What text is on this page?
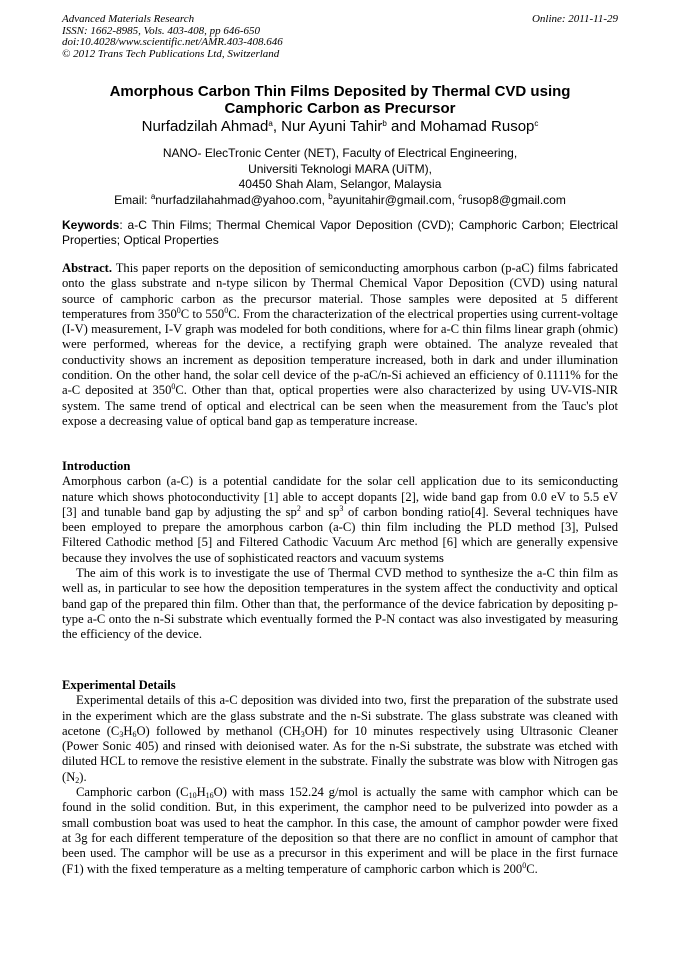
Advanced Materials Research
ISSN: 1662-8985, Vols. 403-408, pp 646-650
doi:10.4028/www.scientific.net/AMR.403-408.646
© 2012 Trans Tech Publications Ltd, Switzerland
Online: 2011-11-29
Amorphous Carbon Thin Films Deposited by Thermal CVD using
Camphoric Carbon as Precursor
Nurfadzilah Ahmad$^a$, Nur Ayuni Tahir$^b$ and Mohamad Rusop$^c$
NANO- ElecTronic Center (NET), Faculty of Electrical Engineering,
Universiti Teknologi MARA (UiTM),
40450 Shah Alam, Selangor, Malaysia
Email: $^a$nurfadzilahahmad@yahoo.com, $^b$ayunitahir@gmail.com, $^c$rusop8@gmail.com
Keywords: a-C Thin Films; Thermal Chemical Vapor Deposition (CVD); Camphoric Carbon; Electrical Properties; Optical Properties

Abstract. This paper reports on the deposition of semiconducting amorphous carbon (p-aC) films fabricated onto the glass substrate and n-type silicon by Thermal Chemical Vapor Deposition (CVD) using natural source of camphoric carbon as the precursor material. Those samples were deposited at 5 different temperatures from $350^0C$ to $550^0C$. From the characterization of the electrical properties using current-voltage (I-V) measurement, I-V graph was modeled for both conditions, where for a-C thin films linear graph (ohmic) were performed, whereas for the device, a rectifying graph were obtained. The analyze revealed that conductivity shows an increment as deposition temperature increased, both in dark and under illumination condition. On the other hand, the solar cell device of the p-aC/n-Si achieved an efficiency of 0.1111% for the a-C deposited at $350^0C$. Other than that, optical properties were also characterized by using UV-VIS-NIR system. The same trend of optical and electrical can be seen when the measurement from the Tauc's plot expose a decreasing value of optical band gap as temperature increase.

Introduction

Amorphous carbon (a-C) is a potential candidate for the solar cell application due to its semiconducting nature which shows photoconductivity [1] able to accept dopants [2], wide band gap from 0.0 eV to 5.5 eV [3] and tunable band gap by adjusting the $sp^2$ and $sp^3$ of carbon bonding ratio[4]. Several techniques have been employed to prepare the amorphous carbon (a-C) thin film including the PLD method [3], Pulsed Filtered Cathodic method [5] and Filtered Cathodic Vacuum Arc method [6] which are generally expensive because they involves the use of sophisticated reactors and vacuum systems

The aim of this work is to investigate the use of Thermal CVD method to synthesize the a-C thin film as well as, in particular to see how the deposition temperatures in the system affect the conductivity and optical band gap of the prepared thin film. Other than that, the performance of the device fabrication by depositing p-type a-C onto the n-Si substrate which eventually formed the P-N contact was also investigated by measuring the efficiency of the device.

Experimental Details

Experimental details of this a-C deposition was divided into two, first the preparation of the substrate used in the experiment which are the glass substrate and the n-Si substrate. The glass substrate was cleaned with acetone $(C_3H_6O)$ followed by methanol $(CH_3OH)$ for 10 minutes respectively using Ultrasonic Cleaner (Power Sonic 405) and rinsed with deionised water. As for the n-Si substrate, the substrate was etched with diluted HCL to remove the resistive element in the substrate. Finally the substrate was blow with Nitrogen gas $(N_2)$.

Camphoric carbon $(C_{10}H_{16}O)$ with mass 152.24 g/mol is actually the same with camphor which can be found in the solid condition. But, in this experiment, the camphor need to be pulverized into powder as a small combustion boat was used to heat the camphor. In this case, the amount of camphor powder were fixed at 3g for each different temperature of the deposition so that there are no conflict in amount of camphor that been used. The camphor will be use as a precursor in this experiment and will be place in the first furnace (F1) with the fixed temperature as a melting temperature of camphoric carbon which is $200^0C$.
